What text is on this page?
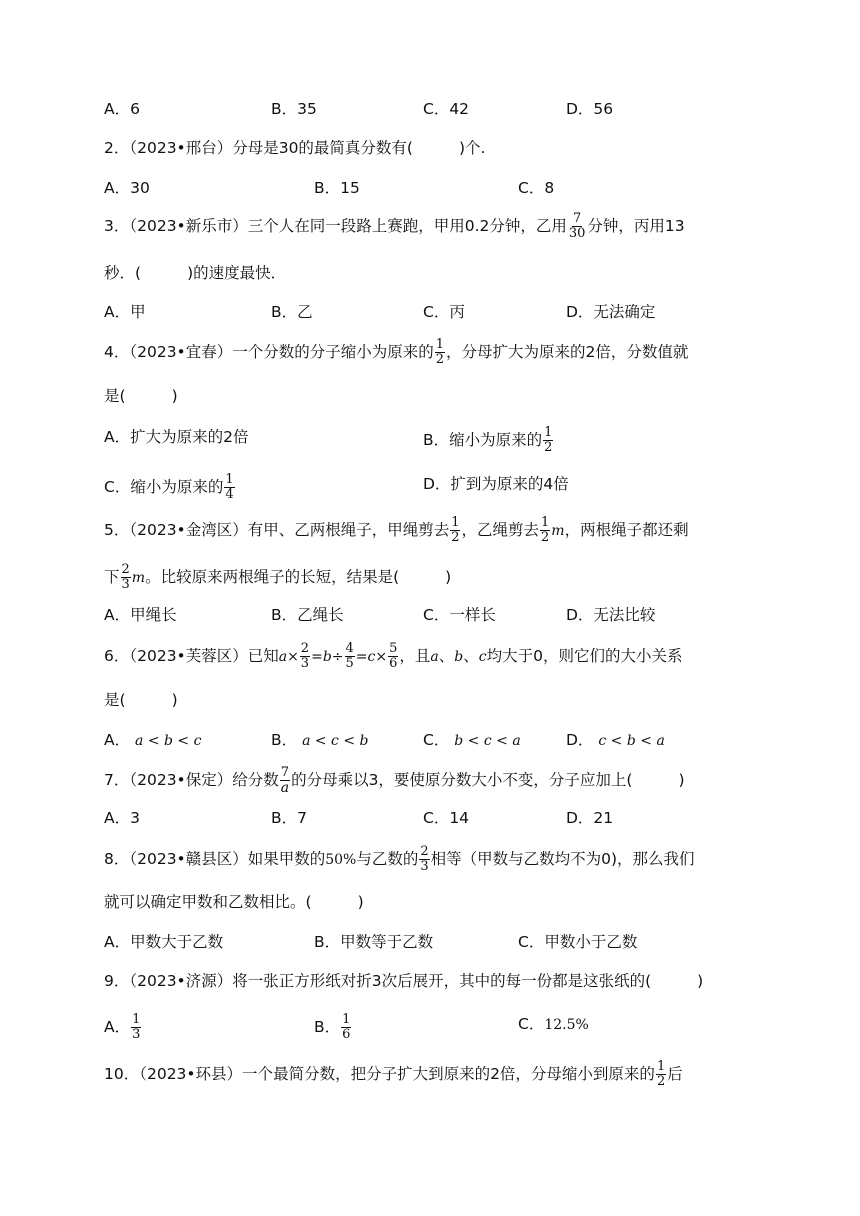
A．6	B．35	C．42	D．56
2．（2023•邢台）分母是30的最简真分数有(	)个.
A．30	B．15	C．8
3．（2023•新乐市）三个人在同一段路上赛跑，甲用0.2分钟，乙用 $\frac{7}{30}$ 分钟，丙用13
秒．(	)的速度最快．
A．甲	B．乙	C．丙	D．无法确定
4．（2023•宜春）一个分数的分子缩小为原来的 $\frac{1}{2}$ ，分母扩大为原来的2倍，分数值就
是(	)
A．扩大为原来的2倍	B．缩小为原来的 $\frac{1}{2}$
C．缩小为原来的 $\frac{1}{4}$	D．扩到为原来的4倍
5．（2023•金湾区）有甲、乙两根绳子，甲绳剪去 $\frac{1}{2}$ ，乙绳剪去 $\frac{1}{2}$ m，两根绳子都还剩
下 $\frac{2}{3}$ m。比较原来两根绳子的长短，结果是(	)
A．甲绳长	B．乙绳长	C．一样长	D．无法比较
6．（2023•芙蓉区）已知$a\times \frac{2}{3} =b\div \frac{4}{5} =c\times \frac{5}{6}$ ，且a、b、c均大于0，则它们的大小关系
是(	)
A． a < b < c	B． a < c < b	C． b < c < a	D． c < b < a
7．（2023•保定）给分数 $\frac{7}{a}$ 的分母乘以3，要使原分数大小不变，分子应加上(	)
A．3	B．7	C．14	D．21
8．（2023•赣县区）如果甲数的50%与乙数的 $\frac{2}{3}$ 相等（甲数与乙数均不为0)，那么我们
就可以确定甲数和乙数相比。(	)
A．甲数大于乙数	B．甲数等于乙数	C．甲数小于乙数
9．（2023•济源）将一张正方形纸对折3次后展开，其中的每一份都是这张纸的(	)
A． $\frac{1}{3}$	B． $\frac{1}{6}$	C．12.5%
10．（2023•环县）一个最简分数，把分子扩大到原来的2倍，分母缩小到原来的 $\frac{1}{2}$ 后
